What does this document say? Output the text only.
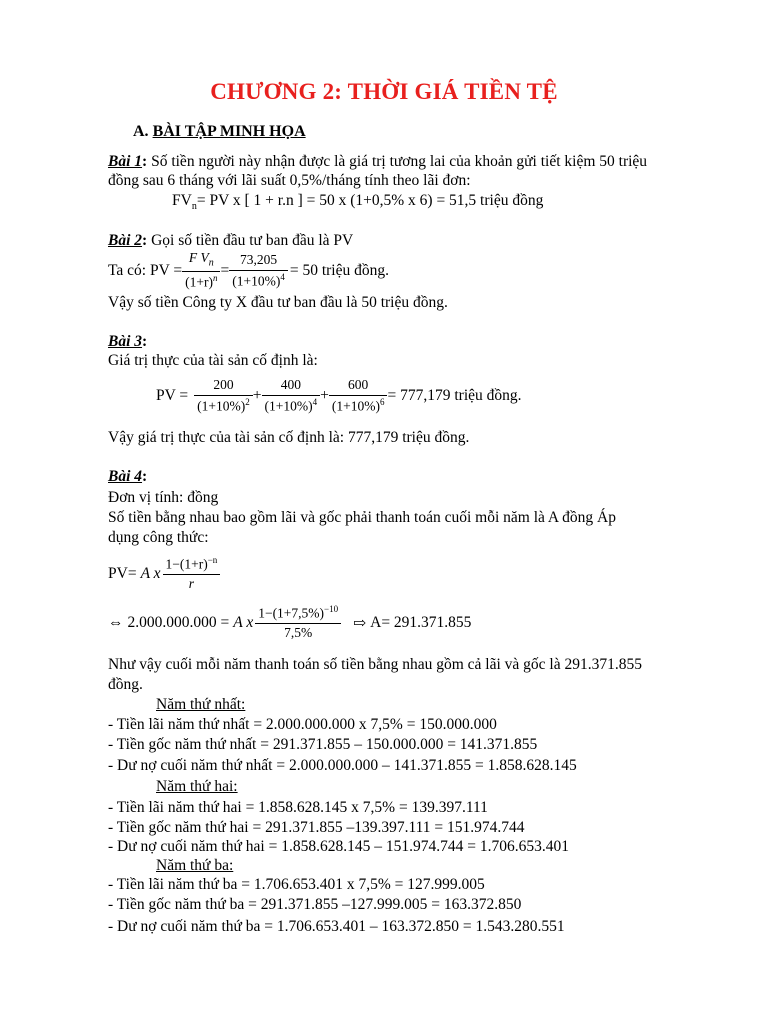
CHƯƠNG 2: THỜI GIÁ TIỀN TỆ
A. BÀI TẬP MINH HỌA
Bài 1: Số tiền người này nhận được là giá trị tương lai của khoản gửi tiết kiệm 50 triệu
đồng sau 6 tháng với lãi suất 0,5%/tháng tính theo lãi đơn:
$FV_n=$ PV x [ 1 + r.n ] = 50 x (1+0,5% x 6) = 51,5 triệu đồng
Bài 2: Gọi số tiền đầu tư ban đầu là PV
Ta có: PV = $\frac{F V_n}{(1+r)^n} = \frac{73,205}{(1+10\%)^4} = 50$ triệu đồng.
Vậy số tiền Công ty X đầu tư ban đầu là 50 triệu đồng.
Bài 3:
Giá trị thực của tài sản cố định là:
PV = $\frac{200}{(1+10\%)^2} + \frac{400}{(1+10\%)^4} + \frac{600}{(1+10\%)^6} = 777,179$ triệu đồng.
Vậy giá trị thực của tài sản cố định là: 777,179 triệu đồng.
Bài 4:
Đơn vị tính: đồng
Số tiền bằng nhau bao gồm lãi và gốc phải thanh toán cuối mỗi năm là A đồng Áp
dụng công thức:
PV= A x $\frac{1-(1+r)^{-n}}{r}$
⇔ 2.000.000.000 = A x $\frac{1-(1+7,5\%)^{-10}}{7,5\%}$ ⇨ A= 291.371.855
Như vậy cuối mỗi năm thanh toán số tiền bằng nhau gồm cả lãi và gốc là 291.371.855
đồng.
Năm thứ nhất:
- Tiền lãi năm thứ nhất = 2.000.000.000 x 7,5% = 150.000.000
- Tiền gốc năm thứ nhất = 291.371.855 – 150.000.000 = 141.371.855
- Dư nợ cuối năm thứ nhất = 2.000.000.000 – 141.371.855 = 1.858.628.145
Năm thứ hai:
- Tiền lãi năm thứ hai = 1.858.628.145 x 7,5% = 139.397.111
- Tiền gốc năm thứ hai = 291.371.855 –139.397.111 = 151.974.744
- Dư nợ cuối năm thứ hai = 1.858.628.145 – 151.974.744 = 1.706.653.401
Năm thứ ba:
- Tiền lãi năm thứ ba = 1.706.653.401 x 7,5% = 127.999.005
- Tiền gốc năm thứ ba = 291.371.855 –127.999.005 = 163.372.850
- Dư nợ cuối năm thứ ba = 1.706.653.401 – 163.372.850 = 1.543.280.551
